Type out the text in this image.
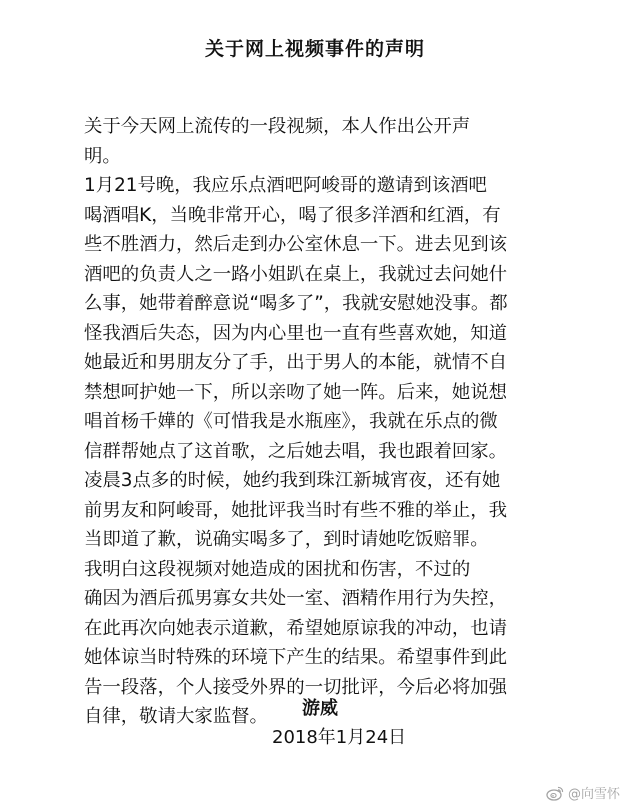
关于网上视频事件的声明
关于今天网上流传的一段视频，本人作出公开声
明。
1月21号晚，我应乐点酒吧阿峻哥的邀请到该酒吧
喝酒唱K，当晚非常开心，喝了很多洋酒和红酒，有
些不胜酒力，然后走到办公室休息一下。进去见到该
酒吧的负责人之一路小姐趴在桌上，我就过去问她什
么事，她带着醉意说“喝多了”，我就安慰她没事。都
怪我酒后失态，因为内心里也一直有些喜欢她，知道
她最近和男朋友分了手，出于男人的本能，就情不自
禁想呵护她一下，所以亲吻了她一阵。后来，她说想
唱首杨千嬅的《可惜我是水瓶座》，我就在乐点的微
信群帮她点了这首歌，之后她去唱，我也跟着回家。
凌晨3点多的时候，她约我到珠江新城宵夜，还有她
前男友和阿峻哥，她批评我当时有些不雅的举止，我
当即道了歉，说确实喝多了，到时请她吃饭赔罪。
我明白这段视频对她造成的困扰和伤害，不过的
确因为酒后孤男寡女共处一室、酒精作用行为失控，
在此再次向她表示道歉，希望她原谅我的冲动，也请
她体谅当时特殊的环境下产生的结果。希望事件到此
告一段落，个人接受外界的一切批评，今后必将加强
自律，敬请大家监督。	游威
2018年1月24日
@向雪怀
